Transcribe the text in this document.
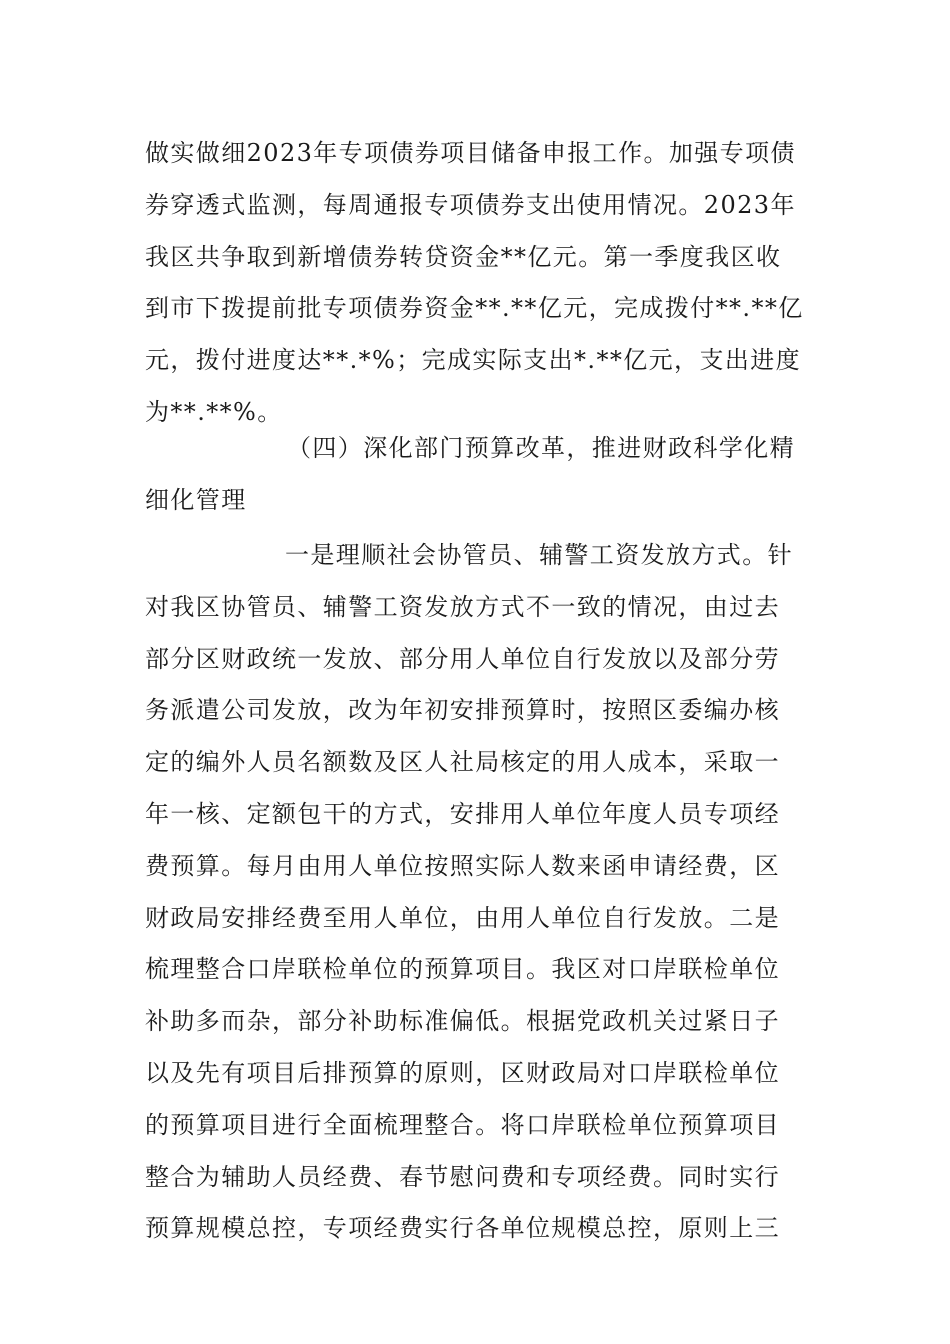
做实做细2023年专项债券项目储备申报工作。加强专项债
券穿透式监测，每周通报专项债券支出使用情况。2023年
我区共争取到新增债券转贷资金**亿元。第一季度我区收
到市下拨提前批专项债券资金**.**亿元，完成拨付**.**亿
元，拨付进度达**.*%；完成实际支出*.**亿元，支出进度
为**.**%。
（四）深化部门预算改革，推进财政科学化精
细化管理
一是理顺社会协管员、辅警工资发放方式。针
对我区协管员、辅警工资发放方式不一致的情况，由过去
部分区财政统一发放、部分用人单位自行发放以及部分劳
务派遣公司发放，改为年初安排预算时，按照区委编办核
定的编外人员名额数及区人社局核定的用人成本，采取一
年一核、定额包干的方式，安排用人单位年度人员专项经
费预算。每月由用人单位按照实际人数来函申请经费，区
财政局安排经费至用人单位，由用人单位自行发放。二是
梳理整合口岸联检单位的预算项目。我区对口岸联检单位
补助多而杂，部分补助标准偏低。根据党政机关过紧日子
以及先有项目后排预算的原则，区财政局对口岸联检单位
的预算项目进行全面梳理整合。将口岸联检单位预算项目
整合为辅助人员经费、春节慰问费和专项经费。同时实行
预算规模总控，专项经费实行各单位规模总控，原则上三
